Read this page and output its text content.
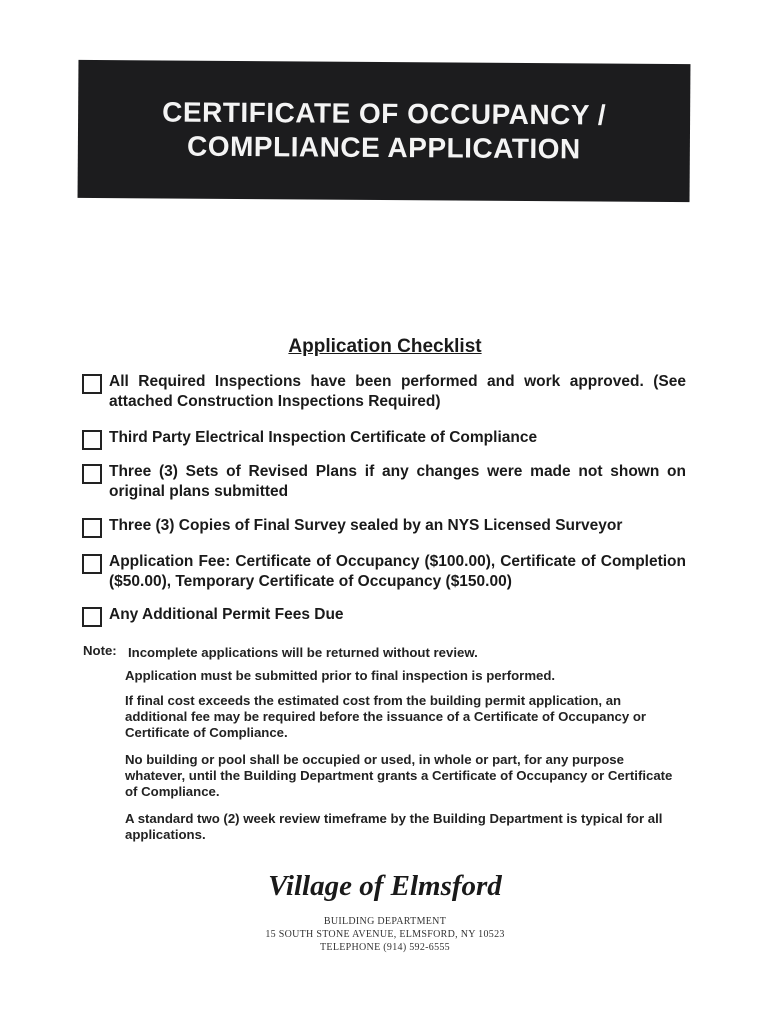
CERTIFICATE OF OCCUPANCY /
COMPLIANCE APPLICATION
Application Checklist
All Required Inspections have been performed and work approved. (See attached Construction Inspections Required)
Third Party Electrical Inspection Certificate of Compliance
Three (3) Sets of Revised Plans if any changes were made not shown on original plans submitted
Three (3) Copies of Final Survey sealed by an NYS Licensed Surveyor
Application Fee: Certificate of Occupancy ($100.00), Certificate of Completion ($50.00), Temporary Certificate of Occupancy ($150.00)
Any Additional Permit Fees Due
Note: Incomplete applications will be returned without review.
Application must be submitted prior to final inspection is performed.
If final cost exceeds the estimated cost from the building permit application, an additional fee may be required before the issuance of a Certificate of Occupancy or Certificate of Compliance.
No building or pool shall be occupied or used, in whole or part, for any purpose whatever, until the Building Department grants a Certificate of Occupancy or Certificate of Compliance.
A standard two (2) week review timeframe by the Building Department is typical for all applications.
Village of Elmsford
BUILDING DEPARTMENT
15 SOUTH STONE AVENUE, ELMSFORD, NY 10523
TELEPHONE (914) 592-6555
